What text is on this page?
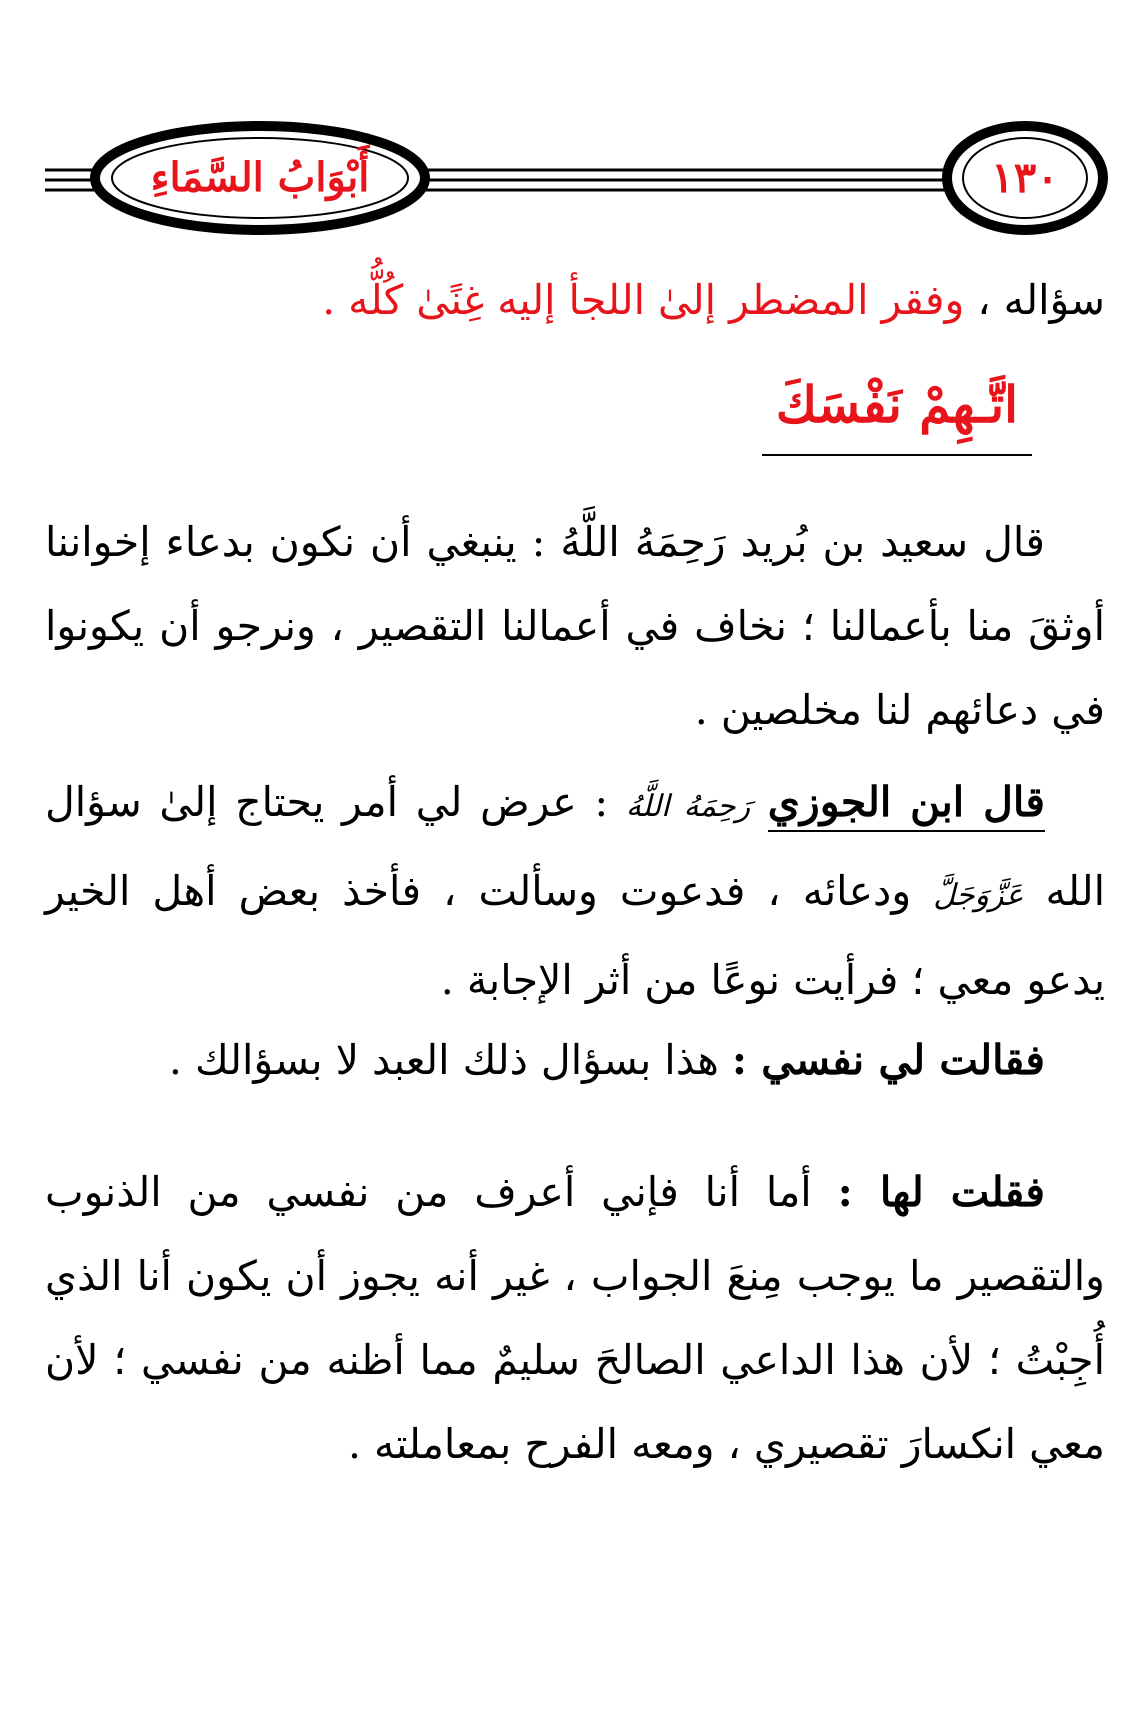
أَبْوَابُ السَّمَاءِ	١٣٠
سؤاله ، وفقر المضطر إلىٰ اللجأ إليه غِنًىٰ كُلُّه .
اتَّـهِمْ نَفْسَكَ
قال سعيد بن بُريد رَحِمَهُ اللَّهُ : ينبغي أن نكون بدعاء إخواننا أوثقَ منا بأعمالنا ؛ نخاف في أعمالنا التقصير ، ونرجو أن يكونوا في دعائهم لنا مخلصين .
قال ابن الجوزي رَحِمَهُ اللَّهُ : عرض لي أمر يحتاج إلىٰ سؤال الله عَزَّوَجَلَّ ودعائه ، فدعوت وسألت ، فأخذ بعض أهل الخير يدعو معي ؛ فرأيت نوعًا من أثر الإجابة .
فقالت لي نفسي : هذا بسؤال ذلك العبد لا بسؤالك .
فقلت لها : أما أنا فإني أعرف من نفسي من الذنوب والتقصير ما يوجب مِنعَ الجواب ، غير أنه يجوز أن يكون أنا الذي أُجِبْتُ ؛ لأن هذا الداعي الصالحَ سليمٌ مما أظنه من نفسي ؛ لأن معي انكسارَ تقصيري ، ومعه الفرح بمعاملته .
